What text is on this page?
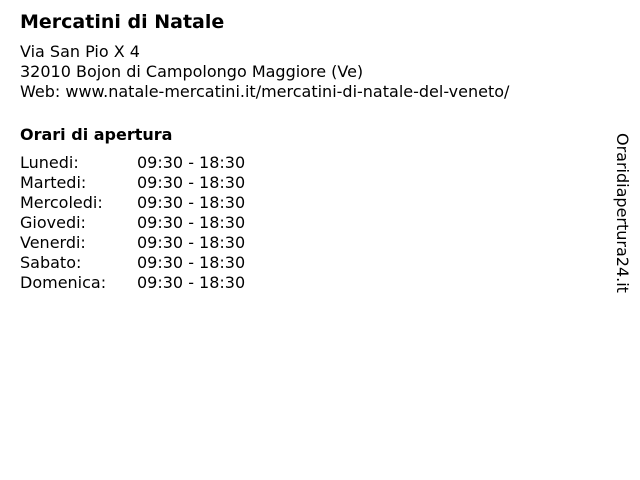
Mercatini di Natale
Via San Pio X 4
32010 Bojon di Campolongo Maggiore (Ve)
Web: www.natale-mercatini.it/mercatini-di-natale-del-veneto/
Orari di apertura
Lunedi:	09:30 - 18:30
Martedi:	09:30 - 18:30
Mercoledi:	09:30 - 18:30
Giovedi:	09:30 - 18:30
Venerdi:	09:30 - 18:30
Sabato:	09:30 - 18:30
Domenica:	09:30 - 18:30	Oraridiapertura24.it
